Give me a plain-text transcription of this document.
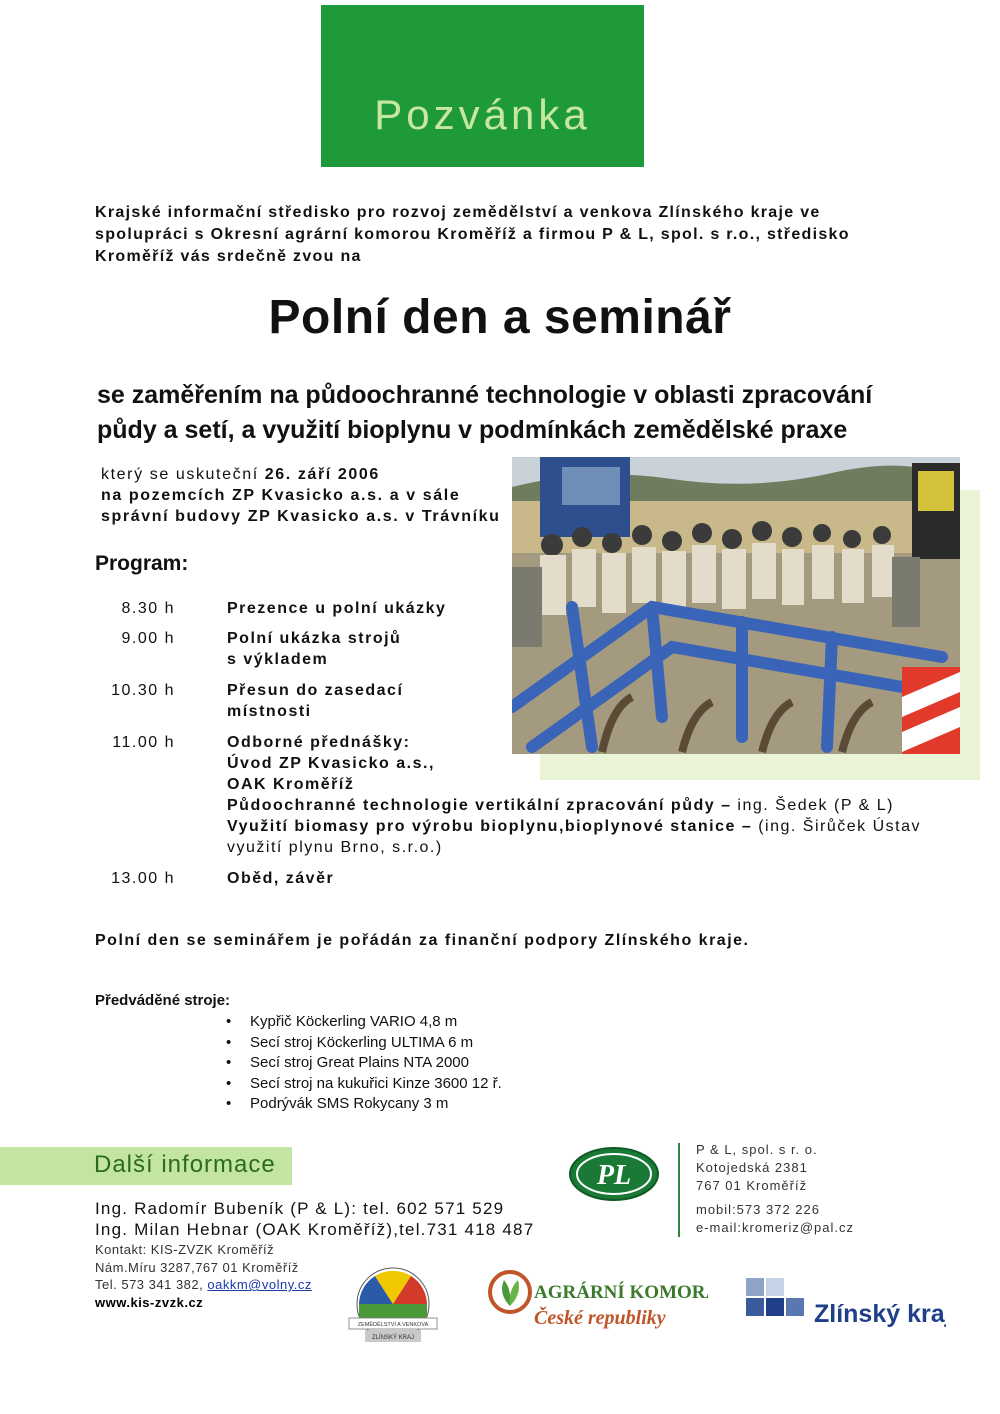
Pozvánka
Krajské informační středisko pro rozvoj zemědělství a venkova Zlínského kraje ve
spolupráci s Okresní agrární komorou Kroměříž a firmou P & L, spol. s r.o., středisko
Kroměříž vás srdečně zvou na
Polní den a seminář
se zaměřením na půdoochranné technologie v oblasti zpracování
půdy a setí, a využití bioplynu v podmínkách zemědělské praxe
který se uskuteční 26. září 2006
na pozemcích ZP Kvasicko a.s. a v sále
správní budovy ZP Kvasicko a.s. v Trávníku
Program:
8.30 h	Prezence u polní ukázky
9.00 h	Polní ukázka strojů
s výkladem
10.30 h	Přesun do zasedací
místnosti
11.00 h	Odborné přednášky:
Úvod ZP Kvasicko a.s.,
OAK Kroměříž
Půdoochranné technologie vertikální zpracování půdy – ing. Šedek (P & L)
Využití biomasy pro výrobu bioplynu,bioplynové stanice – (ing. Širůček Ústav
využití plynu Brno, s.r.o.)
13.00 h	Oběd, závěr
Polní den se seminářem je pořádán za finanční podpory Zlínského kraje.
Předváděné stroje:
• Kypřič Köckerling VARIO 4,8 m
• Secí stroj Köckerling ULTIMA 6 m
• Secí stroj Great Plains NTA 2000
• Secí stroj na kukuřici Kinze 3600 12 ř.
• Podrývák SMS Rokycany 3 m
Další informace
Ing. Radomír Bubeník (P & L): tel. 602 571 529
Ing. Milan Hebnar (OAK Kroměříž),tel.731 418 487
Kontakt: KIS-ZVZK Kroměříž
Nám.Míru 3287,767 01 Kroměříž
Tel. 573 341 382, oakkm@volny.cz
www.kis-zvzk.cz
PL
P & L, spol. s r. o.
Kotojedská 2381
767 01 Kroměříž
mobil:573 372 226
e-mail:kromeriz@pal.cz
ZEMĚDĚLSTVÍ A VENKOVA
ZLÍNSKÝ KRAJ
AGRÁRNÍ KOMORA
České republiky	Zlínský kraj
